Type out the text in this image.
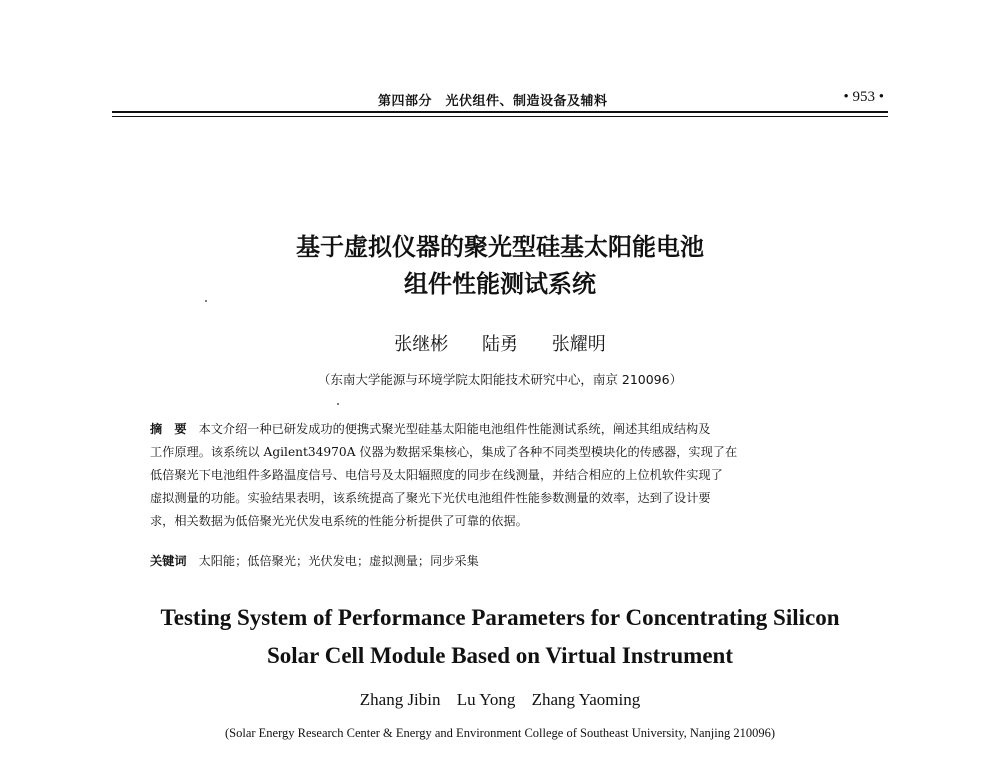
第四部分　光伏组件、制造设备及辅料	• 953 •
基于虚拟仪器的聚光型硅基太阳能电池
组件性能测试系统
张继彬 陆勇 张耀明
（东南大学能源与环境学院太阳能技术研究中心，南京 210096）
摘　要 本文介绍一种已研发成功的便携式聚光型硅基太阳能电池组件性能测试系统，阐述其组成结构及
工作原理。该系统以 Agilent34970A 仪器为数据采集核心，集成了各种不同类型模块化的传感器，实现了在
低倍聚光下电池组件多路温度信号、电信号及太阳辐照度的同步在线测量，并结合相应的上位机软件实现了
虚拟测量的功能。实验结果表明，该系统提高了聚光下光伏电池组件性能参数测量的效率，达到了设计要
求，相关数据为低倍聚光光伏发电系统的性能分析提供了可靠的依据。
关键词 太阳能；低倍聚光；光伏发电；虚拟测量；同步采集
Testing System of Performance Parameters for Concentrating Silicon
Solar Cell Module Based on Virtual Instrument
Zhang Jibin Lu Yong Zhang Yaoming
(Solar Energy Research Center & Energy and Environment College of Southeast University, Nanjing 210096)
